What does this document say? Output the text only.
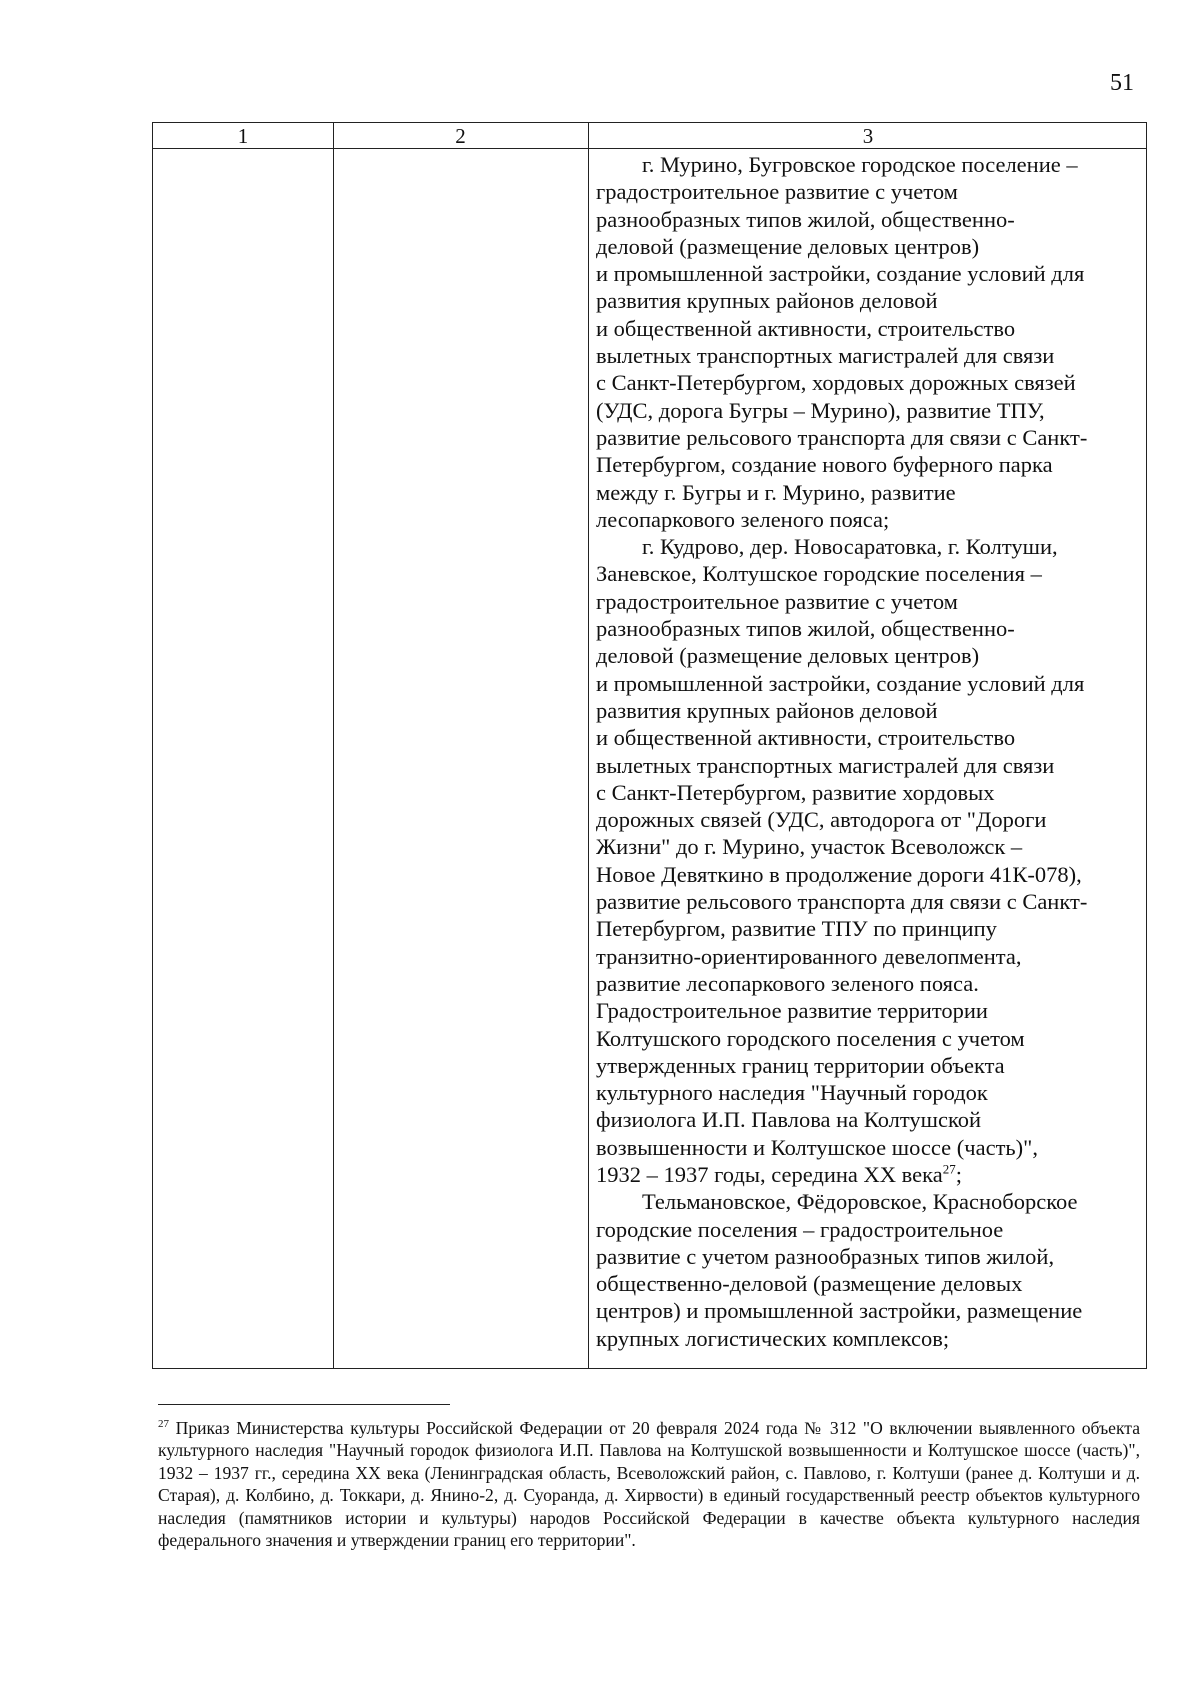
51
1	2	3
г. Мурино, Бугровское городское поселение –
градостроительное развитие с учетом
разнообразных типов жилой, общественно-
деловой (размещение деловых центров)
и промышленной застройки, создание условий для
развития крупных районов деловой
и общественной активности, строительство
вылетных транспортных магистралей для связи
с Санкт-Петербургом, хордовых дорожных связей
(УДС, дорога Бугры – Мурино), развитие ТПУ,
развитие рельсового транспорта для связи с Санкт-
Петербургом, создание нового буферного парка
между г. Бугры и г. Мурино, развитие
лесопаркового зеленого пояса;
г. Кудрово, дер. Новосаратовка, г. Колтуши,
Заневское, Колтушское городские поселения –
градостроительное развитие с учетом
разнообразных типов жилой, общественно-
деловой (размещение деловых центров)
и промышленной застройки, создание условий для
развития крупных районов деловой
и общественной активности, строительство
вылетных транспортных магистралей для связи
с Санкт-Петербургом, развитие хордовых
дорожных связей (УДС, автодорога от "Дороги
Жизни" до г. Мурино, участок Всеволожск –
Новое Девяткино в продолжение дороги 41К-078),
развитие рельсового транспорта для связи с Санкт-
Петербургом, развитие ТПУ по принципу
транзитно-ориентированного девелопмента,
развитие лесопаркового зеленого пояса.
Градостроительное развитие территории
Колтушского городского поселения с учетом
утвержденных границ территории объекта
культурного наследия "Научный городок
физиолога И.П. Павлова на Колтушской
возвышенности и Колтушское шоссе (часть)",
1932 – 1937 годы, середина XX века$^{27}$;
Тельмановское, Фёдоровское, Красноборское
городские поселения – градостроительное
развитие с учетом разнообразных типов жилой,
общественно-деловой (размещение деловых
центров) и промышленной застройки, размещение
крупных логистических комплексов;
$^{27}$ Приказ Министерства культуры Российской Федерации от 20 февраля 2024 года № 312 "О включении выявленного объекта культурного наследия "Научный городок физиолога И.П. Павлова на Колтушской возвышенности и Колтушское шоссе (часть)", 1932 – 1937 гг., середина XX века (Ленинградская область, Всеволожский район, с. Павлово, г. Колтуши (ранее д. Колтуши и д. Старая), д. Колбино, д. Токкари, д. Янино-2, д. Суоранда, д. Хирвости) в единый государственный реестр объектов культурного наследия (памятников истории и культуры) народов Российской Федерации в качестве объекта культурного наследия федерального значения и утверждении границ его территории".
